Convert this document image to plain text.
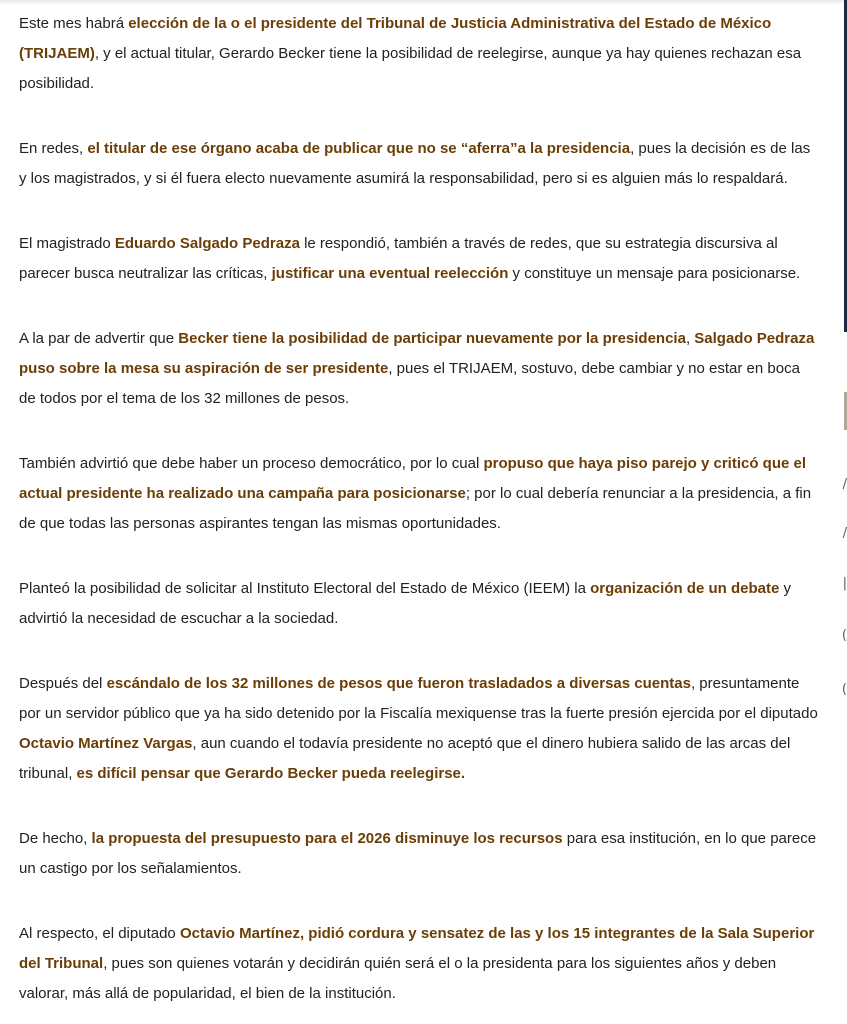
Este mes habrá elección de la o el presidente del Tribunal de Justicia Administrativa del Estado de México (TRIJAEM), y el actual titular, Gerardo Becker tiene la posibilidad de reelegirse, aunque ya hay quienes rechazan esa posibilidad.

En redes, el titular de ese órgano acaba de publicar que no se “aferra”a la presidencia, pues la decisión es de las y los magistrados, y si él fuera electo nuevamente asumirá la responsabilidad, pero si es alguien más lo respaldará.

El magistrado Eduardo Salgado Pedraza le respondió, también a través de redes, que su estrategia discursiva al parecer busca neutralizar las críticas, justificar una eventual reelección y constituye un mensaje para posicionarse.

A la par de advertir que Becker tiene la posibilidad de participar nuevamente por la presidencia, Salgado Pedraza puso sobre la mesa su aspiración de ser presidente, pues el TRIJAEM, sostuvo, debe cambiar y no estar en boca de todos por el tema de los 32 millones de pesos.

También advirtió que debe haber un proceso democrático, por lo cual propuso que haya piso parejo y criticó que el actual presidente ha realizado una campaña para posicionarse; por lo cual debería renunciar a la presidencia, a fin de que todas las personas aspirantes tengan las mismas oportunidades.

Planteó la posibilidad de solicitar al Instituto Electoral del Estado de México (IEEM) la organización de un debate y advirtió la necesidad de escuchar a la sociedad.

Después del escándalo de los 32 millones de pesos que fueron trasladados a diversas cuentas, presuntamente por un servidor público que ya ha sido detenido por la Fiscalía mexiquense tras la fuerte presión ejercida por el diputado Octavio Martínez Vargas, aun cuando el todavía presidente no aceptó que el dinero hubiera salido de las arcas del tribunal, es difícil pensar que Gerardo Becker pueda reelegirse.

De hecho, la propuesta del presupuesto para el 2026 disminuye los recursos para esa institución, en lo que parece un castigo por los señalamientos.

Al respecto, el diputado Octavio Martínez, pidió cordura y sensatez de las y los 15 integrantes de la Sala Superior del Tribunal, pues son quienes votarán y decidirán quién será el o la presidenta para los siguientes años y deben valorar, más allá de popularidad, el bien de la institución.

/
/
|
(
(
